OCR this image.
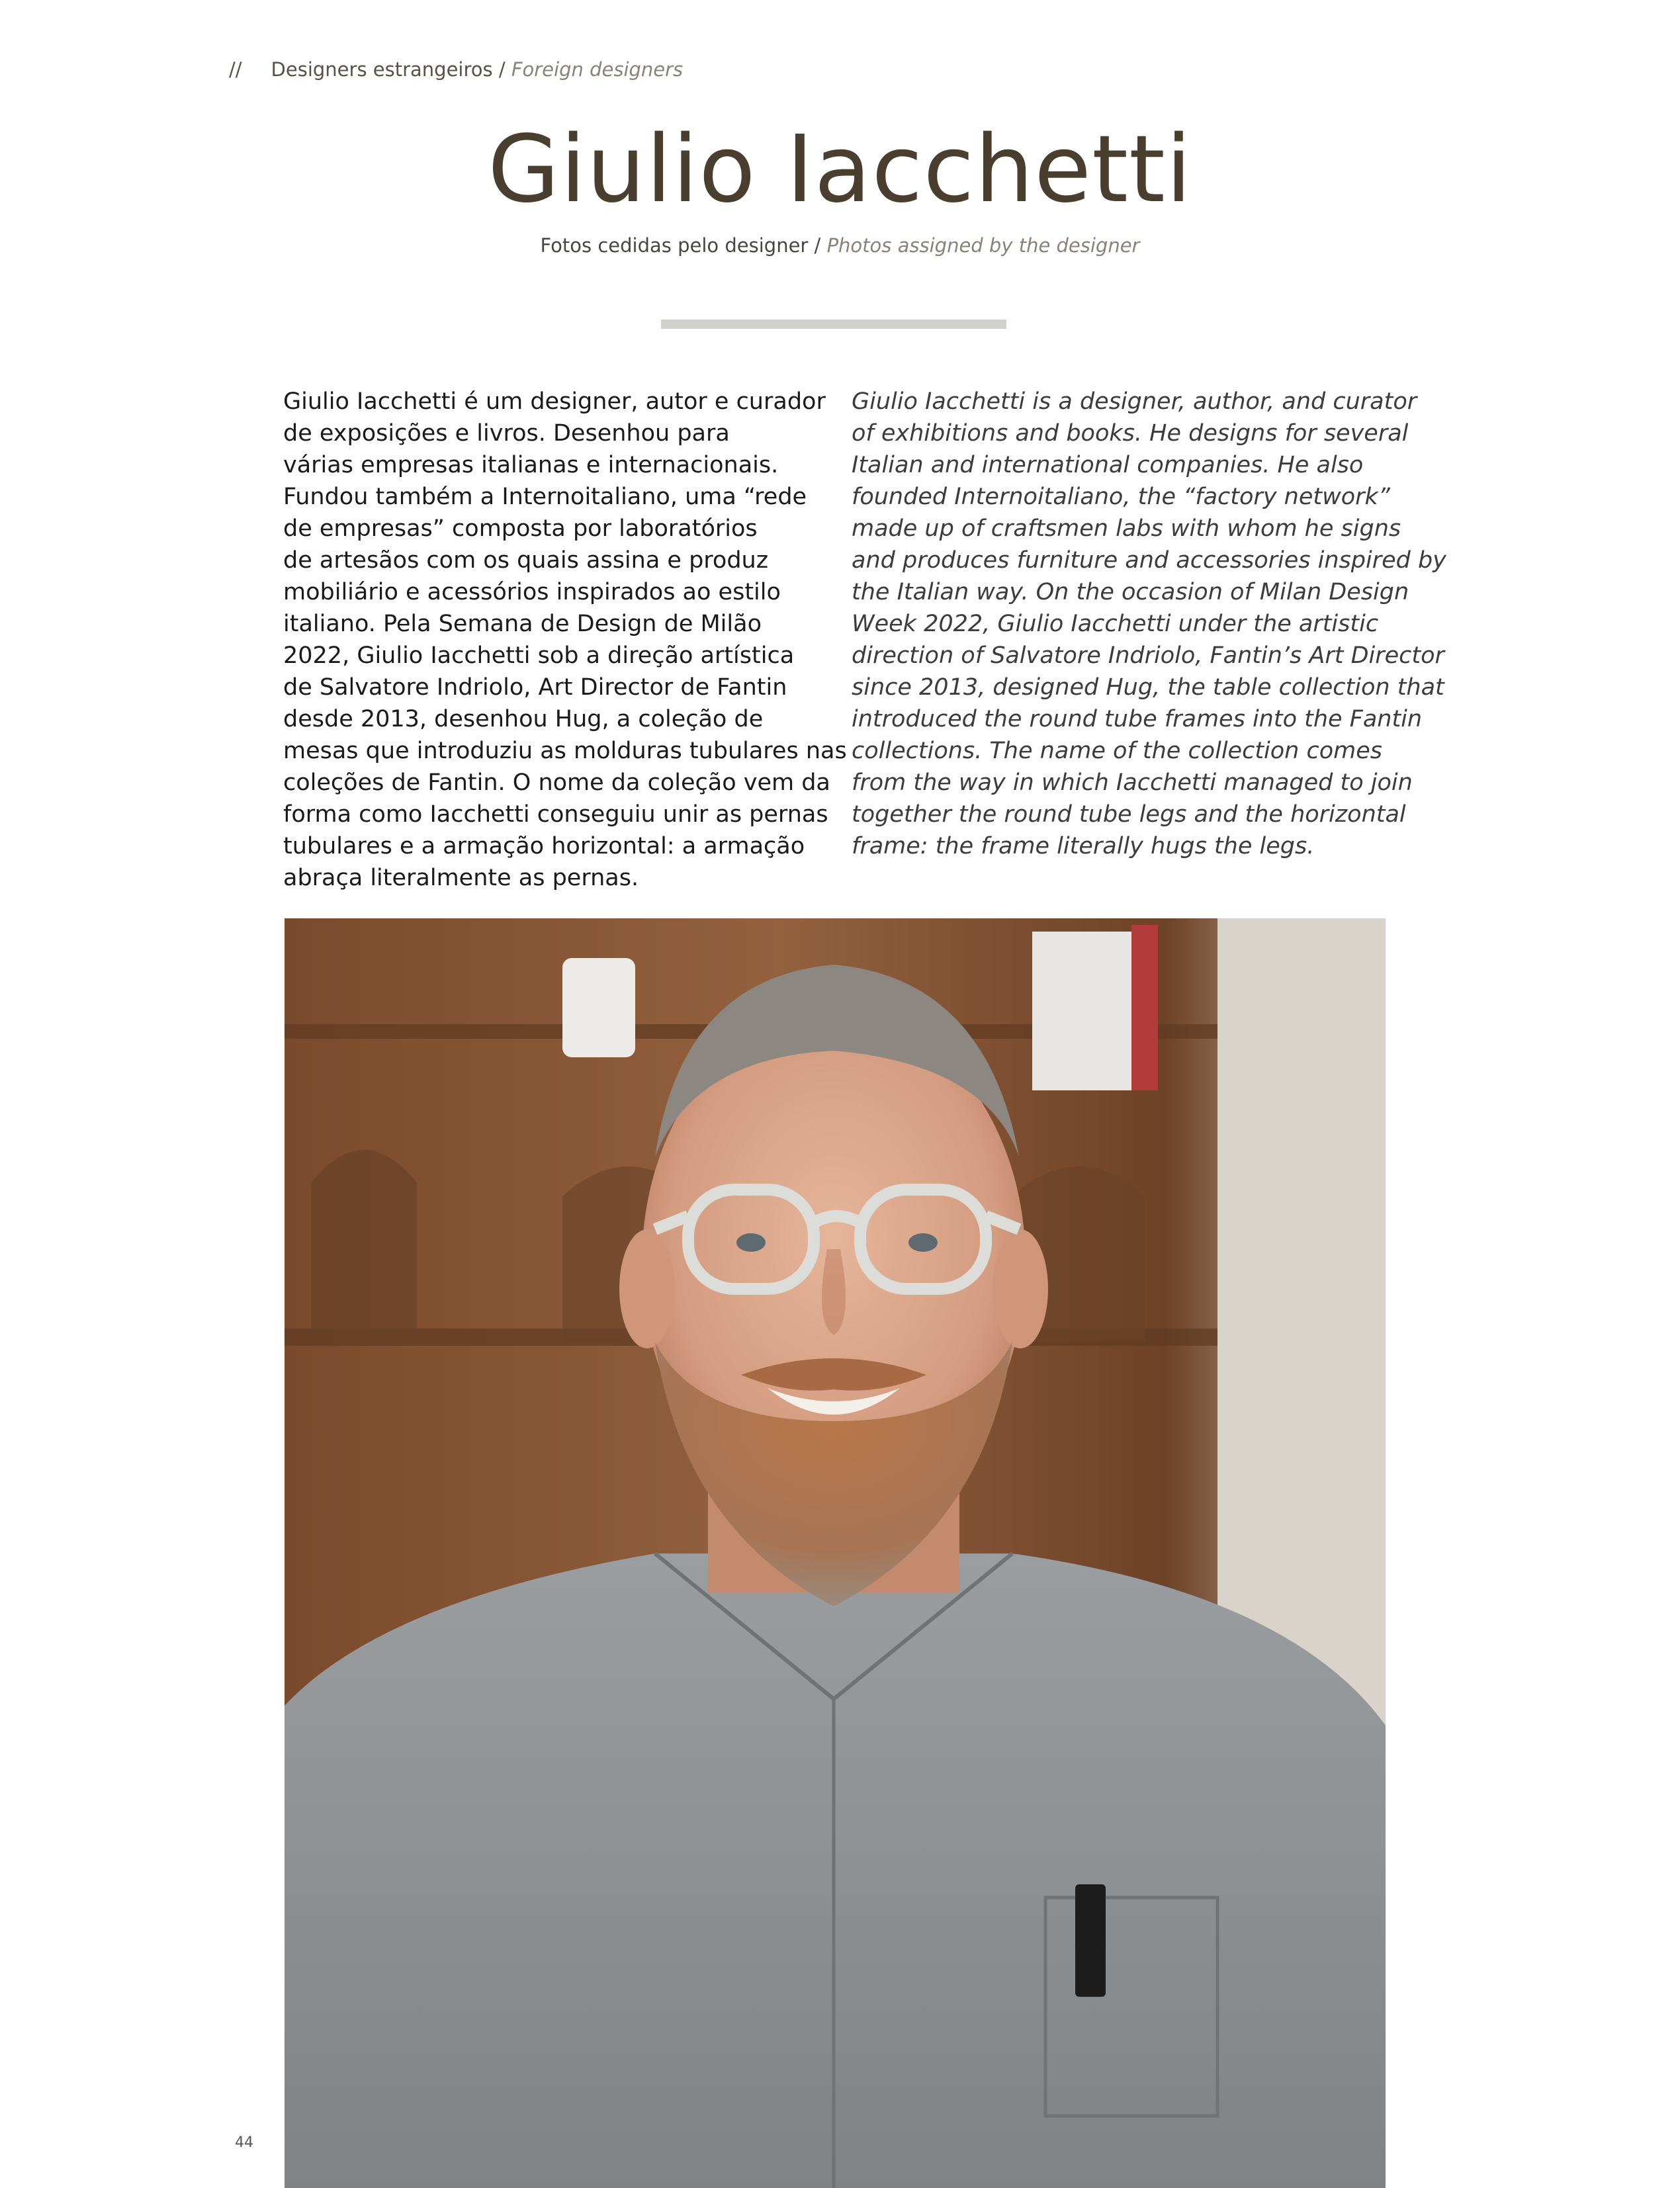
// Designers estrangeiros / Foreign designers
Giulio Iacchetti
Fotos cedidas pelo designer / Photos assigned by the designer
Giulio Iacchetti é um designer, autor e curador
de exposições e livros. Desenhou para
várias empresas italianas e internacionais.
Fundou também a Internoitaliano, uma “rede
de empresas” composta por laboratórios
de artesãos com os quais assina e produz
mobiliário e acessórios inspirados ao estilo
italiano. Pela Semana de Design de Milão
2022, Giulio Iacchetti sob a direção artística
de Salvatore Indriolo, Art Director de Fantin
desde 2013, desenhou Hug, a coleção de
mesas que introduziu as molduras tubulares nas
coleções de Fantin. O nome da coleção vem da
forma como Iacchetti conseguiu unir as pernas
tubulares e a armação horizontal: a armação
abraça literalmente as pernas.
Giulio Iacchetti is a designer, author, and curator
of exhibitions and books. He designs for several
Italian and international companies. He also
founded Internoitaliano, the “factory network”
made up of craftsmen labs with whom he signs
and produces furniture and accessories inspired by
the Italian way. On the occasion of Milan Design
Week 2022, Giulio Iacchetti under the artistic
direction of Salvatore Indriolo, Fantin’s Art Director
since 2013, designed Hug, the table collection that
introduced the round tube frames into the Fantin
collections. The name of the collection comes
from the way in which Iacchetti managed to join
together the round tube legs and the horizontal
frame: the frame literally hugs the legs.
44
